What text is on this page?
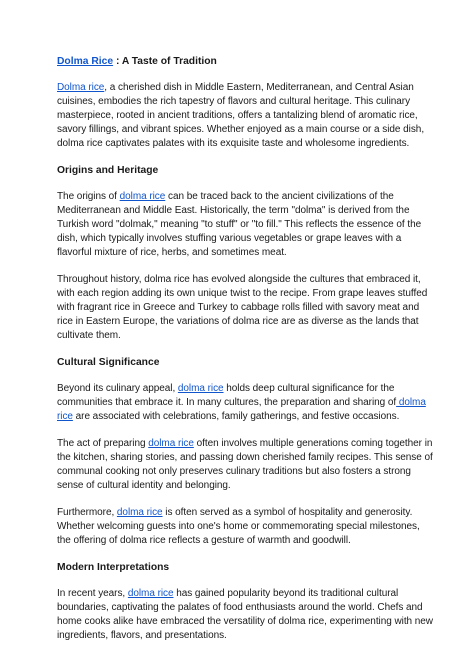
Dolma Rice : A Taste of Tradition

Dolma rice, a cherished dish in Middle Eastern, Mediterranean, and Central Asian cuisines, embodies the rich tapestry of flavors and cultural heritage. This culinary masterpiece, rooted in ancient traditions, offers a tantalizing blend of aromatic rice, savory fillings, and vibrant spices. Whether enjoyed as a main course or a side dish, dolma rice captivates palates with its exquisite taste and wholesome ingredients.

Origins and Heritage

The origins of dolma rice can be traced back to the ancient civilizations of the Mediterranean and Middle East. Historically, the term "dolma" is derived from the Turkish word "dolmak," meaning "to stuff" or "to fill." This reflects the essence of the dish, which typically involves stuffing various vegetables or grape leaves with a flavorful mixture of rice, herbs, and sometimes meat.

Throughout history, dolma rice has evolved alongside the cultures that embraced it, with each region adding its own unique twist to the recipe. From grape leaves stuffed with fragrant rice in Greece and Turkey to cabbage rolls filled with savory meat and rice in Eastern Europe, the variations of dolma rice are as diverse as the lands that cultivate them.

Cultural Significance

Beyond its culinary appeal, dolma rice holds deep cultural significance for the communities that embrace it. In many cultures, the preparation and sharing of dolma rice are associated with celebrations, family gatherings, and festive occasions.

The act of preparing dolma rice often involves multiple generations coming together in the kitchen, sharing stories, and passing down cherished family recipes. This sense of communal cooking not only preserves culinary traditions but also fosters a strong sense of cultural identity and belonging.

Furthermore, dolma rice is often served as a symbol of hospitality and generosity. Whether welcoming guests into one's home or commemorating special milestones, the offering of dolma rice reflects a gesture of warmth and goodwill.

Modern Interpretations

In recent years, dolma rice has gained popularity beyond its traditional cultural boundaries, captivating the palates of food enthusiasts around the world. Chefs and home cooks alike have embraced the versatility of dolma rice, experimenting with new ingredients, flavors, and presentations.
